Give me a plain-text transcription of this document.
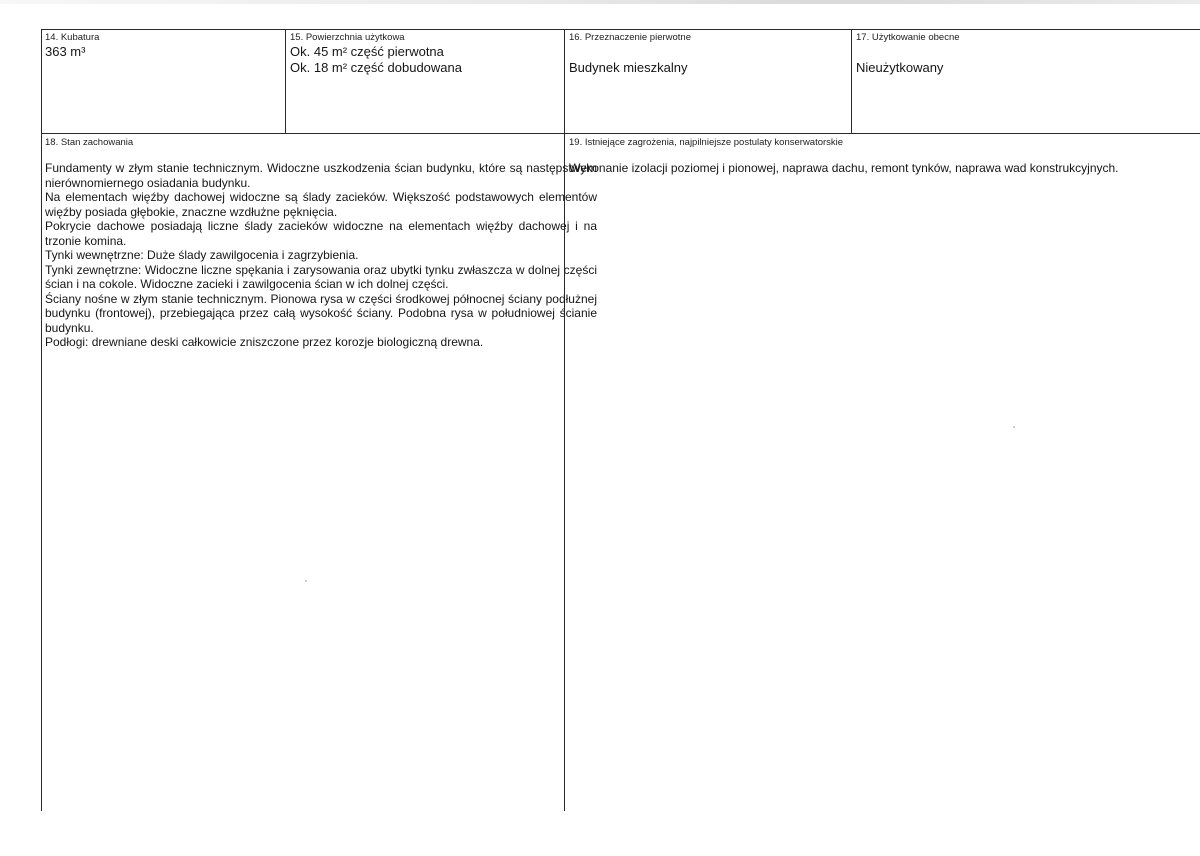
14. Kubatura
363 m³
15. Powierzchnia użytkowa
Ok. 45 m² część pierwotna
Ok. 18 m² część dobudowana
16. Przeznaczenie pierwotne
Budynek mieszkalny
17. Użytkowanie obecne
Nieużytkowany
18. Stan zachowania

Fundamenty w złym stanie technicznym. Widoczne uszkodzenia ścian budynku, które są następstwem nierównomiernego osiadania budynku.

Na elementach więźby dachowej widoczne są ślady zacieków. Większość podstawowych elementów więźby posiada głębokie, znaczne wzdłużne pęknięcia.

Pokrycie dachowe posiadają liczne ślady zacieków widoczne na elementach więźby dachowej i na trzonie komina.

Tynki wewnętrzne: Duże ślady zawilgocenia i zagrzybienia.

Tynki zewnętrzne: Widoczne liczne spękania i zarysowania oraz ubytki tynku zwłaszcza w dolnej części ścian i na cokole. Widoczne zacieki i zawilgocenia ścian w ich dolnej części.

Ściany nośne w złym stanie technicznym. Pionowa rysa w części środkowej północnej ściany podłużnej budynku (frontowej), przebiegająca przez całą wysokość ściany. Podobna rysa w południowej ścianie budynku.

Podłogi: drewniane deski całkowicie zniszczone przez korozje biologiczną drewna.

19. Istniejące zagrożenia, najpilniejsze postulaty konserwatorskie
Wykonanie izolacji poziomej i pionowej, naprawa dachu, remont tynków, naprawa wad konstrukcyjnych.
